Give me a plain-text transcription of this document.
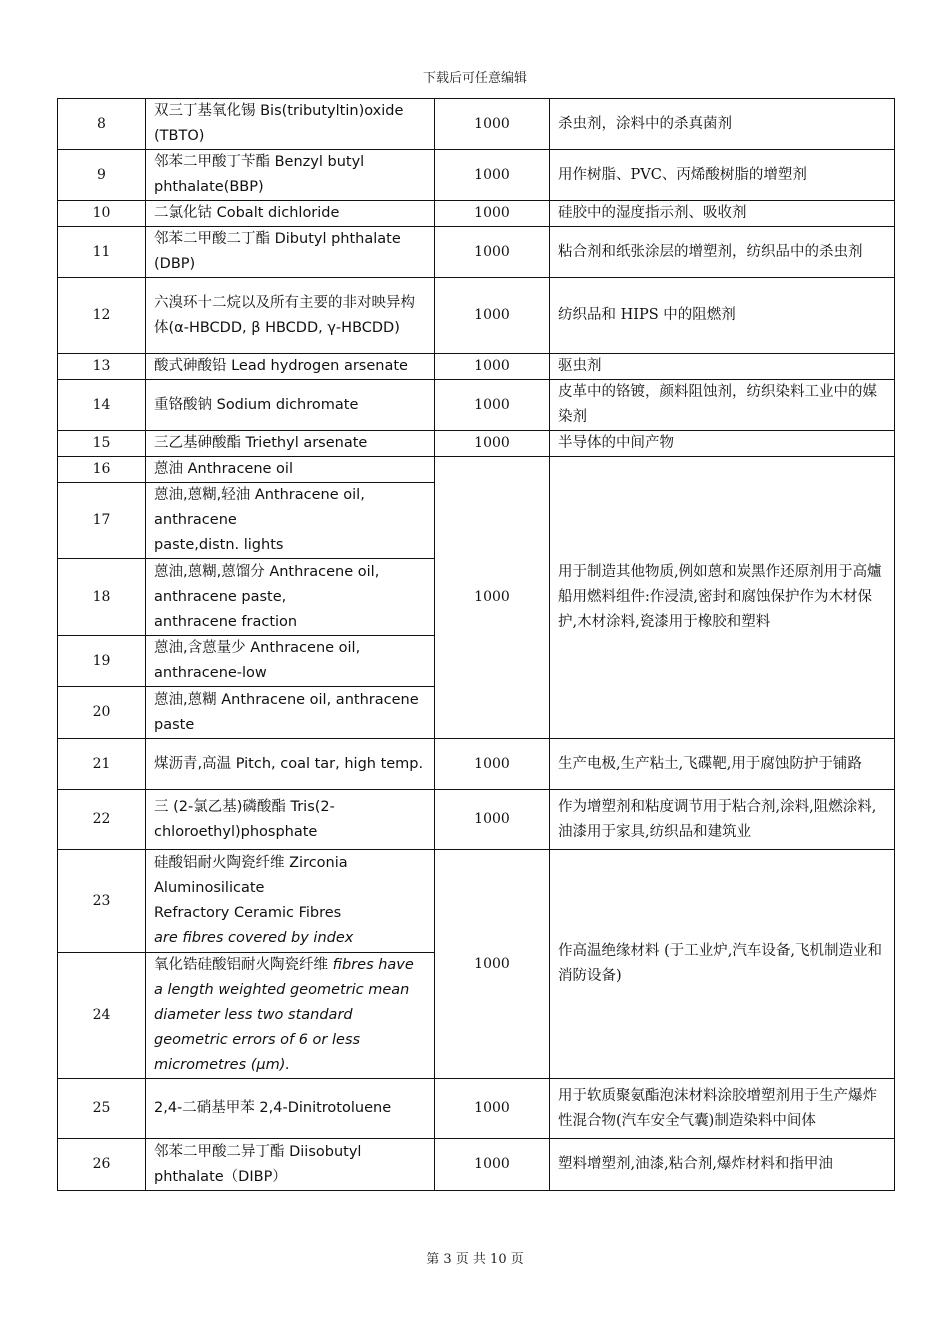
下载后可任意编辑
8	双三丁基氧化锡 Bis(tributyltin)oxide (TBTO)	1000	杀虫剂，涂料中的杀真菌剂
9	邻苯二甲酸丁苄酯 Benzyl butyl phthalate(BBP)	1000	用作树脂、PVC、丙烯酸树脂的增塑剂
10	二氯化钴 Cobalt dichloride	1000	硅胶中的湿度指示剂、吸收剂
11	邻苯二甲酸二丁酯 Dibutyl phthalate (DBP)	1000	粘合剂和纸张涂层的增塑剂，纺织品中的杀虫剂
12	六溴环十二烷以及所有主要的非对映异构体(α-HBCDD, β HBCDD, γ-HBCDD)	1000	纺织品和 HIPS 中的阻燃剂
13	酸式砷酸铅 Lead hydrogen arsenate	1000	驱虫剂
14	重铬酸钠 Sodium dichromate	1000	皮革中的铬镀，颜料阻蚀剂，纺织染料工业中的媒染剂
15	三乙基砷酸酯 Triethyl arsenate	1000	半导体的中间产物
16	蒽油 Anthracene oil	1000	用于制造其他物质,例如蒽和炭黑作还原剂用于高爐船用燃料组件:作浸渍,密封和腐蚀保护作为木材保护,木材涂料,瓷漆用于橡胶和塑料
17	蒽油,蒽糊,轻油 Anthracene oil, anthracene
paste,distn. lights		

18	蒽油,蒽糊,蒽馏分 Anthracene oil, anthracene paste,
anthracene fraction		

19	蒽油,含蒽量少 Anthracene oil, anthracene-low		
20	蒽油,蒽糊 Anthracene oil, anthracene paste		
21	煤沥青,高温 Pitch, coal tar, high temp.	1000	生产电极,生产粘土,飞碟靶,用于腐蚀防护于铺路
22	三 (2-氯乙基)磷酸酯 Tris(2-chloroethyl)phosphate	1000	作为增塑剂和粘度调节用于粘合剂,涂料,阻燃涂料,油漆用于家具,纺织品和建筑业
23	硅酸铝耐火陶瓷纤维 Zirconia Aluminosilicate
Refractory Ceramic Fibres
are fibres covered by index	1000	作高温绝缘材料 (于工业炉,汽车设备,飞机制造业和消防设备)
24	氧化锆硅酸铝耐火陶瓷纤维 fibres have a length weighted geometric mean diameter less two standard geometric errors of 6 or less micrometres (μm).		
25	2,4-二硝基甲苯 2,4-Dinitrotoluene	1000	用于软质聚氨酯泡沫材料涂胶增塑剂用于生产爆炸性混合物(汽车安全气囊)制造染料中间体
26	邻苯二甲酸二异丁酯 Diisobutyl phthalate（DIBP）	1000	塑料增塑剂,油漆,粘合剂,爆炸材料和指甲油
第 3 页 共 10 页
